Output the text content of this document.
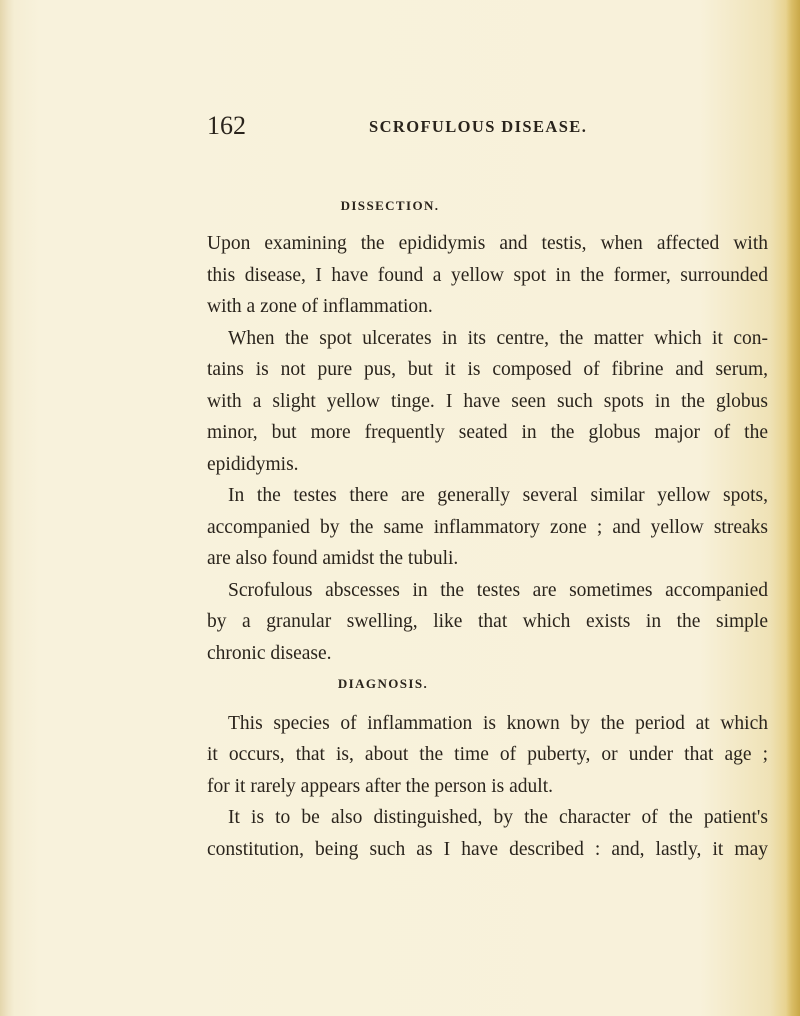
162	SCROFULOUS DISEASE.
DISSECTION.
Upon examining the epididymis and testis, when affected with
this disease, I have found a yellow spot in the former, surrounded
with a zone of inflammation.
When the spot ulcerates in its centre, the matter which it con-
tains is not pure pus, but it is composed of fibrine and serum,
with a slight yellow tinge. I have seen such spots in the globus
minor, but more frequently seated in the globus major of the
epididymis.
In the testes there are generally several similar yellow spots,
accompanied by the same inflammatory zone ; and yellow streaks
are also found amidst the tubuli.
Scrofulous abscesses in the testes are sometimes accompanied
by a granular swelling, like that which exists in the simple
chronic disease.
DIAGNOSIS.
This species of inflammation is known by the period at which
it occurs, that is, about the time of puberty, or under that age ;
for it rarely appears after the person is adult.
It is to be also distinguished, by the character of the patient's
constitution, being such as I have described : and, lastly, it may
